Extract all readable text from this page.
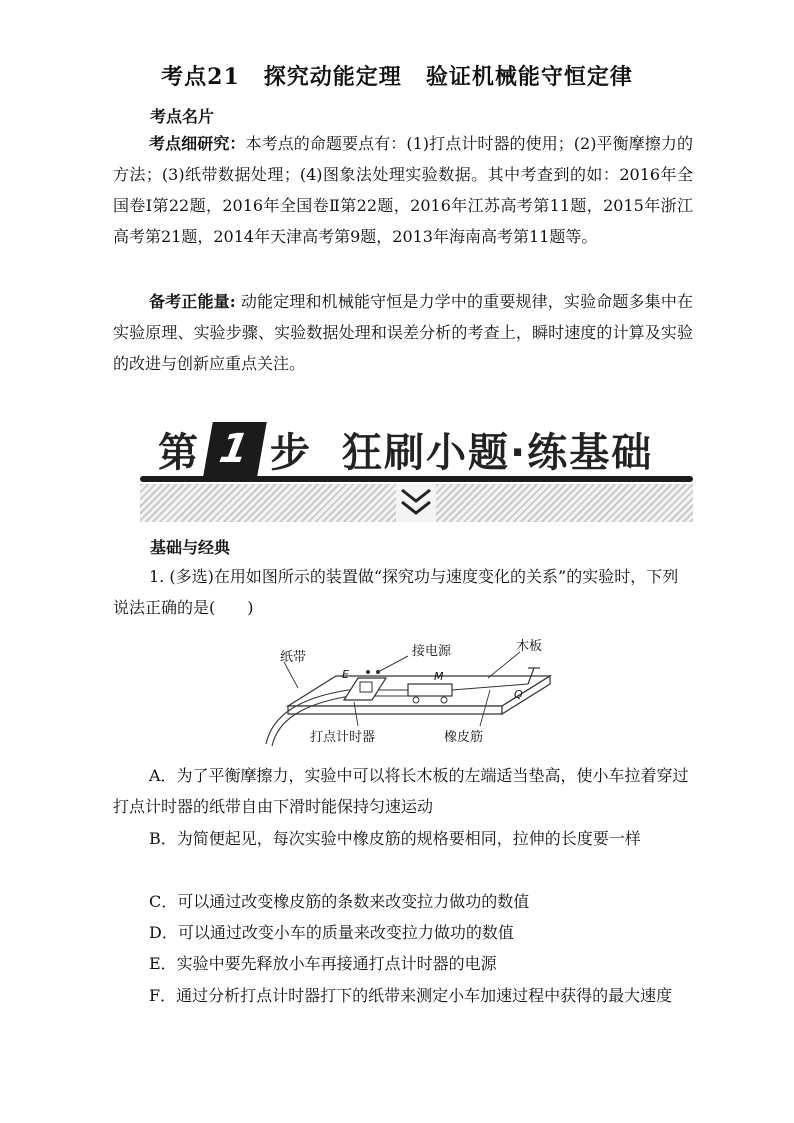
考点21 探究动能定理 验证机械能守恒定律
考点名片

考点细研究：本考点的命题要点有：(1)打点计时器的使用；(2)平衡摩擦力的方法；(3)纸带数据处理；(4)图象法处理实验数据。其中考查到的如：2016年全国卷Ⅰ第22题，2016年全国卷Ⅱ第22题，2016年江苏高考第11题，2015年浙江高考第21题，2014年天津高考第9题，2013年海南高考第11题等。

备考正能量: 动能定理和机械能守恒是力学中的重要规律，实验命题多集中在实验原理、实验步骤、实验数据处理和误差分析的考查上，瞬时速度的计算及实验的改进与创新应重点关注。

第 1 步 狂刷小题·练基础
基础与经典

1. (多选)在用如图所示的装置做“探究功与速度变化的关系”的实验时，下列说法正确的是(　　)

纸带	接电源	木板
E	M
Q
打点计时器	橡皮筋

A．为了平衡摩擦力，实验中可以将长木板的左端适当垫高，使小车拉着穿过打点计时器的纸带自由下滑时能保持匀速运动

B．为简便起见，每次实验中橡皮筋的规格要相同，拉伸的长度要一样

C．可以通过改变橡皮筋的条数来改变拉力做功的数值

D．可以通过改变小车的质量来改变拉力做功的数值

E．实验中要先释放小车再接通打点计时器的电源

F．通过分析打点计时器打下的纸带来测定小车加速过程中获得的最大速度
